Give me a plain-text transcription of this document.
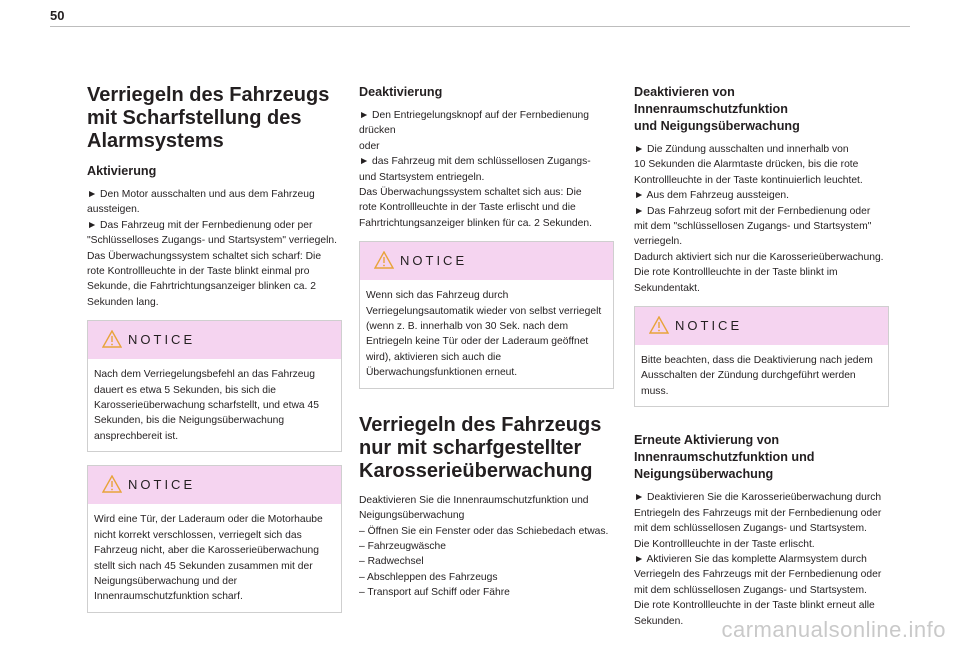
50
Verriegeln des Fahrzeugs
mit Scharfstellung des
Alarmsystems
Aktivierung

► Den Motor ausschalten und aus dem Fahrzeug
aussteigen.
► Das Fahrzeug mit der Fernbedienung oder per
"Schlüsselloses Zugangs- und Startsystem" verriegeln.
Das Überwachungssystem schaltet sich scharf: Die
rote Kontrollleuchte in der Taste blinkt einmal pro
Sekunde, die Fahrtrichtungsanzeiger blinken ca. 2
Sekunden lang.

NOTICE
Nach dem Verriegelungsbefehl an das Fahrzeug
dauert es etwa 5 Sekunden, bis sich die
Karosserieüberwachung scharfstellt, und etwa 45
Sekunden, bis die Neigungsüberwachung
ansprechbereit ist.
NOTICE
Wird eine Tür, der Laderaum oder die Motorhaube
nicht korrekt verschlossen, verriegelt sich das
Fahrzeug nicht, aber die Karosserieüberwachung
stellt sich nach 45 Sekunden zusammen mit der
Neigungsüberwachung und der
Innenraumschutzfunktion scharf.
Deaktivierung

► Den Entriegelungsknopf auf der Fernbedienung
drücken
oder
► das Fahrzeug mit dem schlüssellosen Zugangs-
und Startsystem entriegeln.
Das Überwachungssystem schaltet sich aus: Die
rote Kontrollleuchte in der Taste erlischt und die
Fahrtrichtungsanzeiger blinken für ca. 2 Sekunden.

NOTICE
Wenn sich das Fahrzeug durch
Verriegelungsautomatik wieder von selbst verriegelt
(wenn z. B. innerhalb von 30 Sek. nach dem
Entriegeln keine Tür oder der Laderaum geöffnet
wird), aktivieren sich auch die
Überwachungsfunktionen erneut.
Verriegeln des Fahrzeugs
nur mit scharfgestellter
Karosserieüberwachung

Deaktivieren Sie die Innenraumschutzfunktion und
Neigungsüberwachung

– Öffnen Sie ein Fenster oder das Schiebedach etwas.
– Fahrzeugwäsche
– Radwechsel
– Abschleppen des Fahrzeugs
– Transport auf Schiff oder Fähre
Deaktivieren von Innenraumschutzfunktion
und Neigungsüberwachung

► Die Zündung ausschalten und innerhalb von
10 Sekunden die Alarmtaste drücken, bis die rote
Kontrollleuchte in der Taste kontinuierlich leuchtet.
► Aus dem Fahrzeug aussteigen.
► Das Fahrzeug sofort mit der Fernbedienung oder
mit dem "schlüssellosen Zugangs- und Startsystem"
verriegeln.
Dadurch aktiviert sich nur die Karosserieüberwachung.
Die rote Kontrollleuchte in der Taste blinkt im
Sekundentakt.

NOTICE
Bitte beachten, dass die Deaktivierung nach jedem
Ausschalten der Zündung durchgeführt werden
muss.
Erneute Aktivierung von
Innenraumschutzfunktion und
Neigungsüberwachung

► Deaktivieren Sie die Karosserieüberwachung durch
Entriegeln des Fahrzeugs mit der Fernbedienung oder
mit dem schlüssellosen Zugangs- und Startsystem.
Die Kontrollleuchte in der Taste erlischt.
► Aktivieren Sie das komplette Alarmsystem durch
Verriegeln des Fahrzeugs mit der Fernbedienung oder
mit dem schlüssellosen Zugangs- und Startsystem.
Die rote Kontrollleuchte in der Taste blinkt erneut alle
Sekunden.	carmanualsonline.info
